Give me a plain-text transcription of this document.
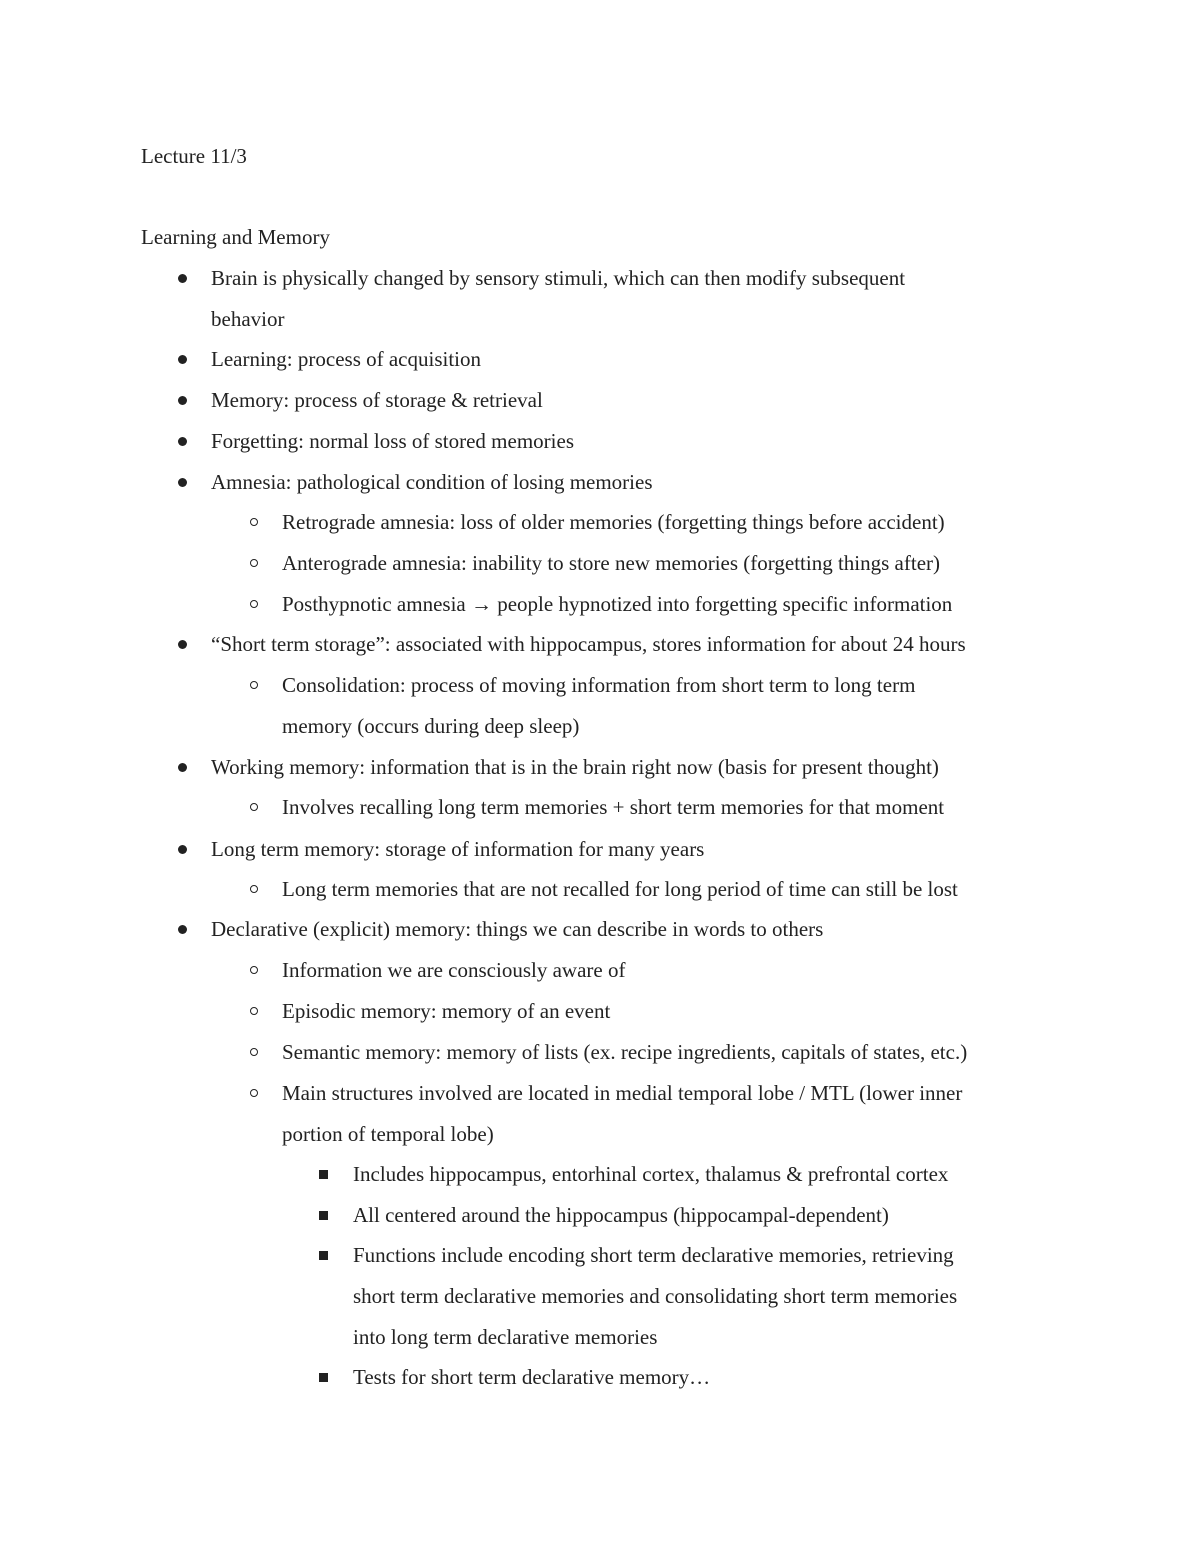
Lecture 11/3
Learning and Memory
Brain is physically changed by sensory stimuli, which can then modify subsequent
behavior
Learning: process of acquisition
Memory: process of storage & retrieval
Forgetting: normal loss of stored memories
Amnesia: pathological condition of losing memories
Retrograde amnesia: loss of older memories (forgetting things before accident)
Anterograde amnesia: inability to store new memories (forgetting things after)
Posthypnotic amnesia → people hypnotized into forgetting specific information
“Short term storage”: associated with hippocampus, stores information for about 24 hours
Consolidation: process of moving information from short term to long term
memory (occurs during deep sleep)
Working memory: information that is in the brain right now (basis for present thought)
Involves recalling long term memories + short term memories for that moment
Long term memory: storage of information for many years
Long term memories that are not recalled for long period of time can still be lost
Declarative (explicit) memory: things we can describe in words to others
Information we are consciously aware of
Episodic memory: memory of an event
Semantic memory: memory of lists (ex. recipe ingredients, capitals of states, etc.)
Main structures involved are located in medial temporal lobe / MTL (lower inner
portion of temporal lobe)
Includes hippocampus, entorhinal cortex, thalamus & prefrontal cortex
All centered around the hippocampus (hippocampal-dependent)
Functions include encoding short term declarative memories, retrieving
short term declarative memories and consolidating short term memories
into long term declarative memories
Tests for short term declarative memory…
